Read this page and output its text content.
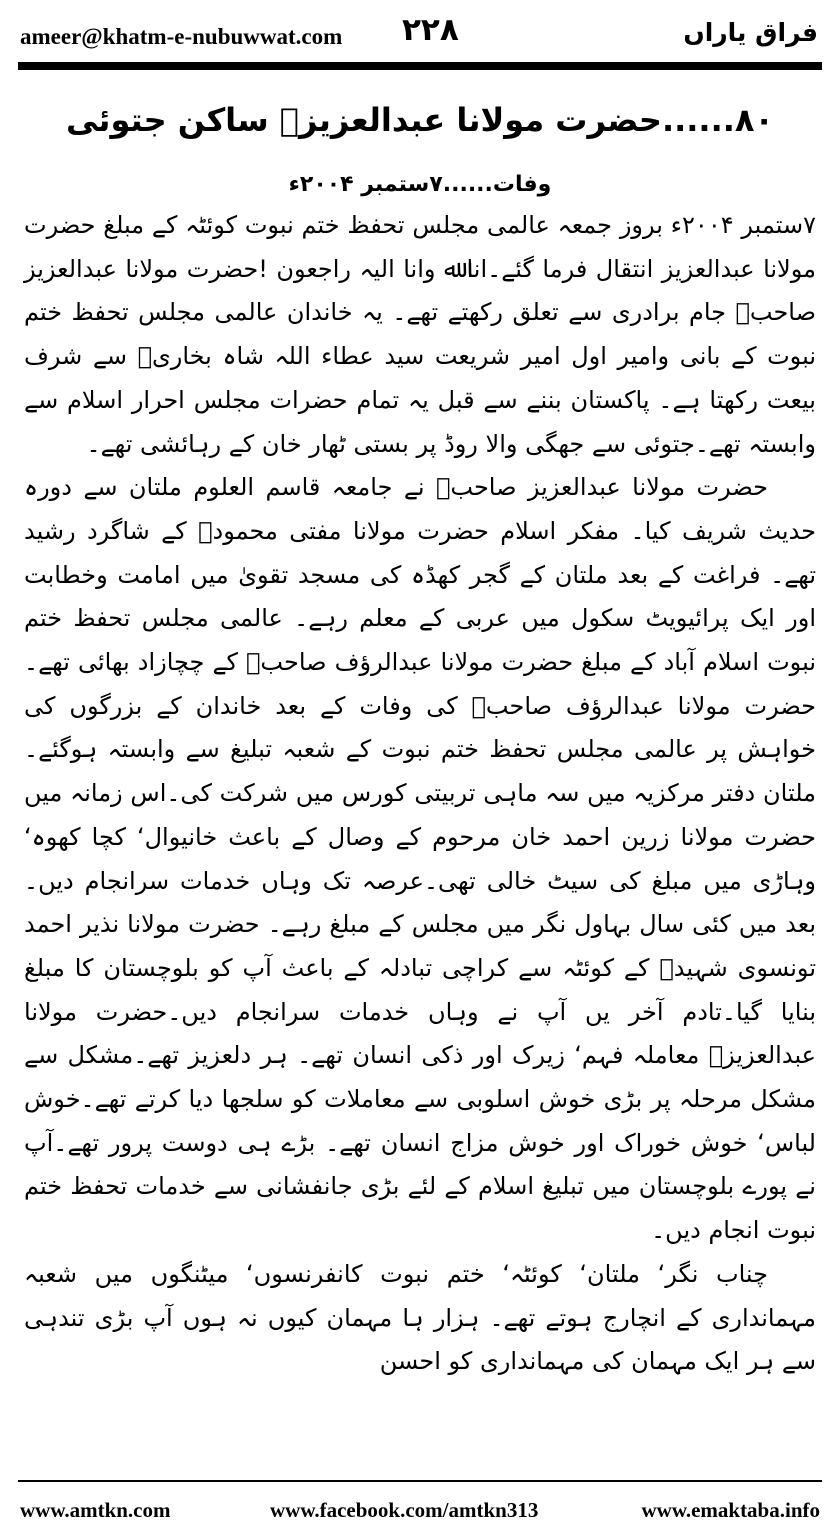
ameer@khatm-e-nubuwwat.com ۲۲۸	فراق یاراں
۸۰......حضرت مولانا عبدالعزیزؒ ساکن جتوئی
وفات......۷ستمبر ۲۰۰۴ء

۷ستمبر ۲۰۰۴ء بروز جمعہ عالمی مجلس تحفظ ختم نبوت کوئٹہ کے مبلغ حضرت مولانا عبدالعزیز انتقال فرما گئے۔انا ﷲ وانا الیہ راجعون !حضرت مولانا عبدالعزیز صاحبؒ جام برادری سے تعلق رکھتے تھے۔ یہ خاندان عالمی مجلس تحفظ ختم نبوت کے بانی وامیر اول امیر شریعت سید عطاء اللہ شاہ بخاریؒ سے شرف بیعت رکھتا ہے۔ پاکستان بننے سے قبل یہ تمام حضرات مجلس احرار اسلام سے وابستہ تھے۔جتوئی سے جھگی والا روڈ پر بستی ٹھار خان کے رہائشی تھے۔

حضرت مولانا عبدالعزیز صاحبؒ نے جامعہ قاسم العلوم ملتان سے دورہ حدیث شریف کیا۔ مفکر اسلام حضرت مولانا مفتی محمودؒ کے شاگرد رشید تھے۔ فراغت کے بعد ملتان کے گجر کھڈہ کی مسجد تقویٰ میں امامت وخطابت اور ایک پرائیویٹ سکول میں عربی کے معلم رہے۔ عالمی مجلس تحفظ ختم نبوت اسلام آباد کے مبلغ حضرت مولانا عبدالرؤف صاحبؒ کے چچازاد بھائی تھے۔حضرت مولانا عبدالرؤف صاحبؒ کی وفات کے بعد خاندان کے بزرگوں کی خواہش پر عالمی مجلس تحفظ ختم نبوت کے شعبہ تبلیغ سے وابستہ ہوگئے۔ ملتان دفتر مرکزیہ میں سہ ماہی تربیتی کورس میں شرکت کی۔اس زمانہ میں حضرت مولانا زرین احمد خان مرحوم کے وصال کے باعث خانیوال‘ کچا کھوہ‘ وہاڑی میں مبلغ کی سیٹ خالی تھی۔عرصہ تک وہاں خدمات سرانجام دیں۔ بعد میں کئی سال بہاول نگر میں مجلس کے مبلغ رہے۔ حضرت مولانا نذیر احمد تونسوی شہیدؒ کے کوئٹہ سے کراچی تبادلہ کے باعث آپ کو بلوچستان کا مبلغ بنایا گیا۔تادم آخر یں آپ نے وہاں خدمات سرانجام دیں۔حضرت مولانا عبدالعزیزؒ معاملہ فہم‘ زیرک اور ذکی انسان تھے۔ ہر دلعزیز تھے۔مشکل سے مشکل مرحلہ پر بڑی خوش اسلوبی سے معاملات کو سلجھا دیا کرتے تھے۔خوش لباس‘ خوش خوراک اور خوش مزاج انسان تھے۔ بڑے ہی دوست پرور تھے۔آپ نے پورے بلوچستان میں تبلیغ اسلام کے لئے بڑی جانفشانی سے خدمات تحفظ ختم نبوت انجام دیں۔

چناب نگر‘ ملتان‘ کوئٹہ‘ ختم نبوت کانفرنسوں‘ میٹنگوں میں شعبہ مہمانداری کے انچارج ہوتے تھے۔ ہزار ہا مہمان کیوں نہ ہوں آپ بڑی تندہی سے ہر ایک مہمان کی مہمانداری کو احسن

www.amtkn.com	www.facebook.com/amtkn313	www.emaktaba.info
